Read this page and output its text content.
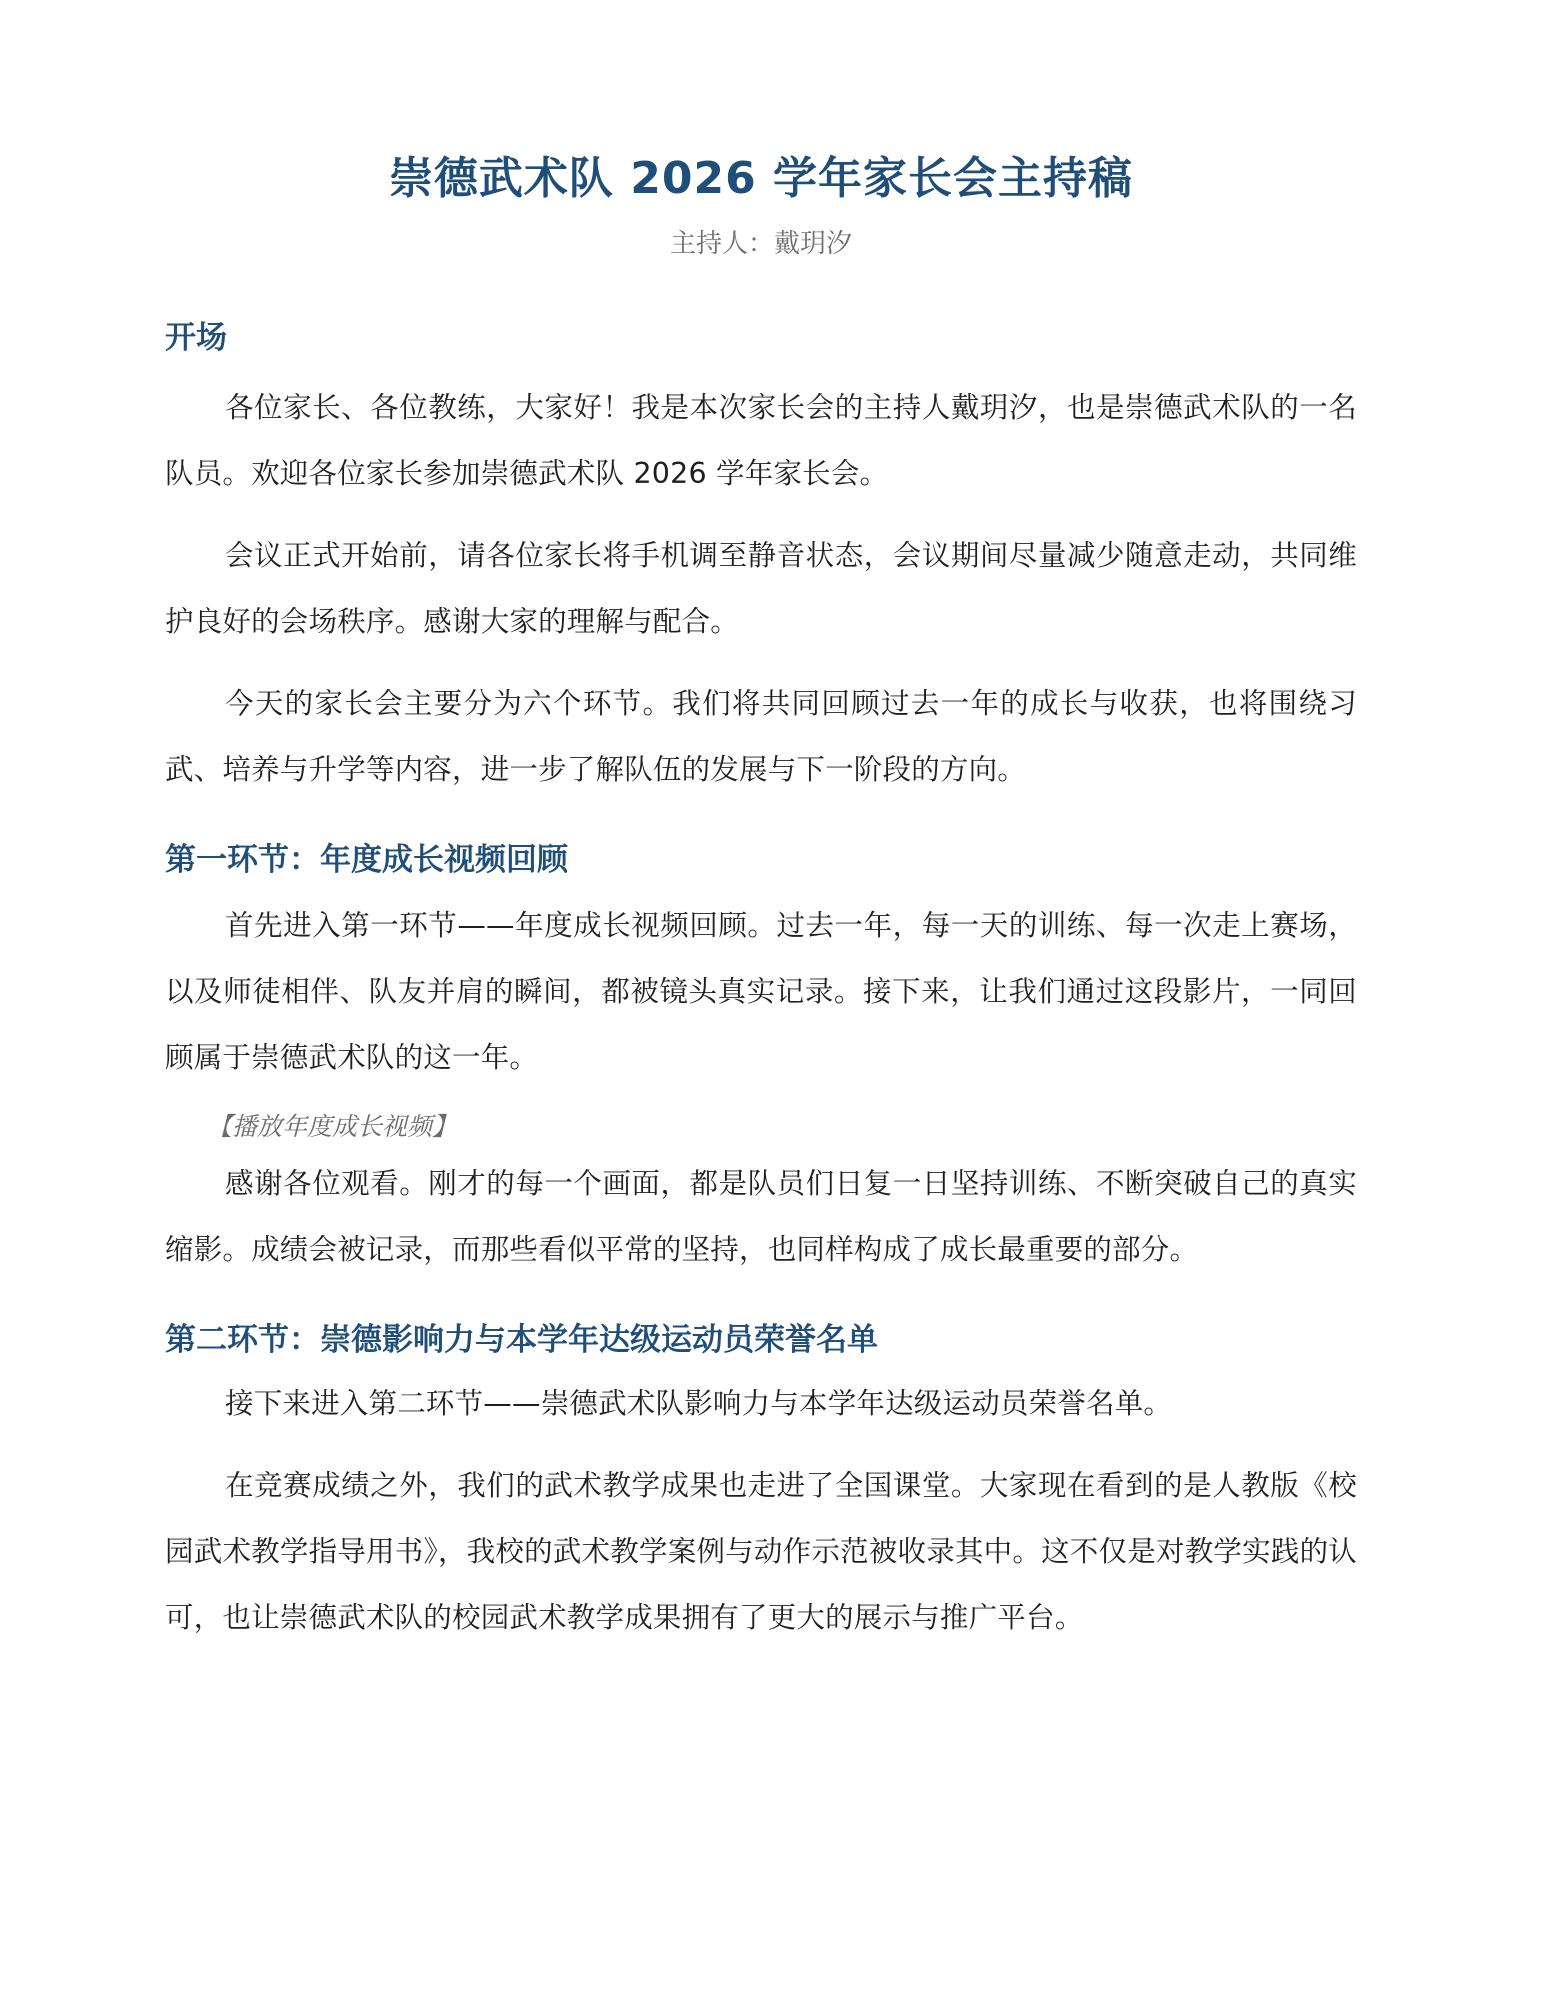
崇德武术队 2026 学年家长会主持稿
主持人：戴玥汐
开场

各位家长、各位教练，大家好！我是本次家长会的主持人戴玥汐，也是崇德武术队的一名队员。欢迎各位家长参加崇德武术队 2026 学年家长会。

会议正式开始前，请各位家长将手机调至静音状态，会议期间尽量减少随意走动，共同维护良好的会场秩序。感谢大家的理解与配合。

今天的家长会主要分为六个环节。我们将共同回顾过去一年的成长与收获，也将围绕习武、培养与升学等内容，进一步了解队伍的发展与下一阶段的方向。

第一环节：年度成长视频回顾

首先进入第一环节——年度成长视频回顾。过去一年，每一天的训练、每一次走上赛场，以及师徒相伴、队友并肩的瞬间，都被镜头真实记录。接下来，让我们通过这段影片，一同回顾属于崇德武术队的这一年。

【播放年度成长视频】

感谢各位观看。刚才的每一个画面，都是队员们日复一日坚持训练、不断突破自己的真实缩影。成绩会被记录，而那些看似平常的坚持，也同样构成了成长最重要的部分。

第二环节：崇德影响力与本学年达级运动员荣誉名单

接下来进入第二环节——崇德武术队影响力与本学年达级运动员荣誉名单。

在竞赛成绩之外，我们的武术教学成果也走进了全国课堂。大家现在看到的是人教版《校园武术教学指导用书》，我校的武术教学案例与动作示范被收录其中。这不仅是对教学实践的认可，也让崇德武术队的校园武术教学成果拥有了更大的展示与推广平台。
